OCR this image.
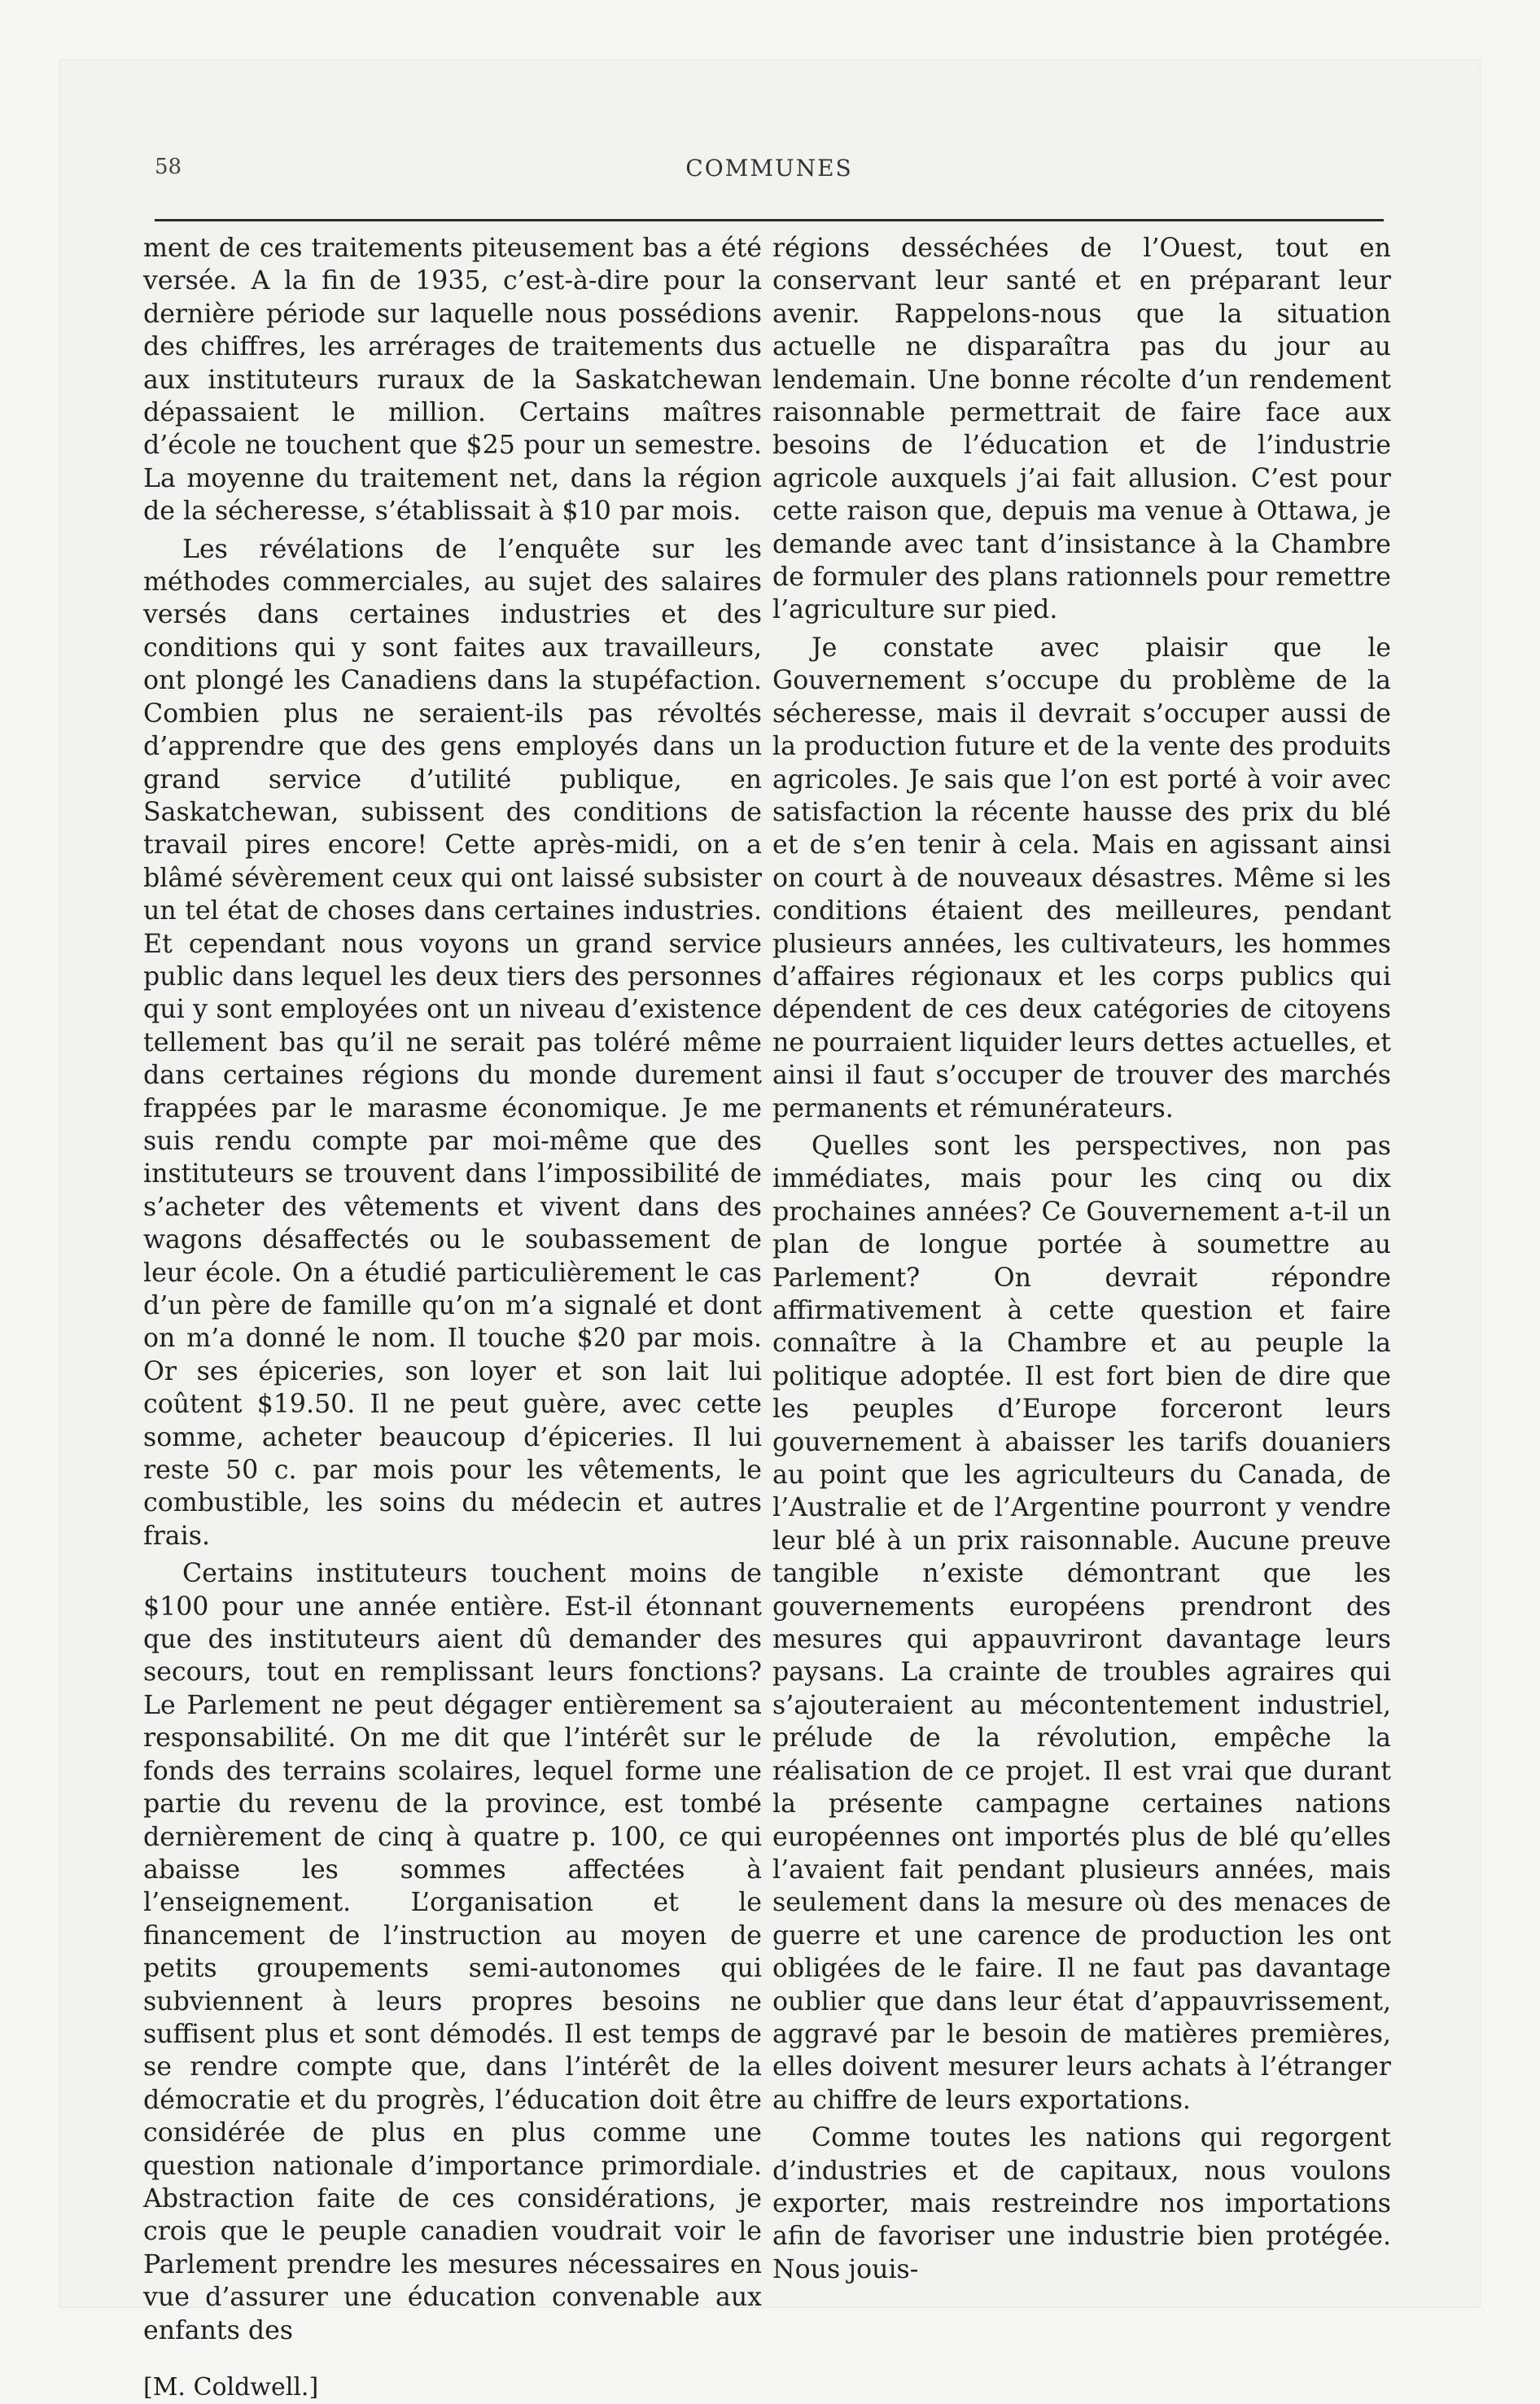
58	COMMUNES

ment de ces traitements piteusement bas a été versée. A la fin de 1935, c’est-à-dire pour la dernière période sur laquelle nous possédions des chiffres, les arrérages de traitements dus aux instituteurs ruraux de la Saskatchewan dépassaient le million. Certains maîtres d’école ne touchent que $25 pour un semestre. La moyenne du traitement net, dans la région de la sécheresse, s’établissait à $10 par mois.

Les révélations de l’enquête sur les méthodes commerciales, au sujet des salaires versés dans certaines industries et des conditions qui y sont faites aux travailleurs, ont plongé les Canadiens dans la stupéfaction. Combien plus ne seraient-ils pas révoltés d’apprendre que des gens employés dans un grand service d’utilité publique, en Saskatchewan, subissent des conditions de travail pires encore! Cette après-midi, on a blâmé sévèrement ceux qui ont laissé subsister un tel état de choses dans certaines industries. Et cependant nous voyons un grand service public dans lequel les deux tiers des personnes qui y sont employées ont un niveau d’existence tellement bas qu’il ne serait pas toléré même dans certaines régions du monde durement frappées par le marasme économique. Je me suis rendu compte par moi-même que des instituteurs se trouvent dans l’impossibilité de s’acheter des vêtements et vivent dans des wagons désaffectés ou le soubassement de leur école. On a étudié particulièrement le cas d’un père de famille qu’on m’a signalé et dont on m’a donné le nom. Il touche $20 par mois. Or ses épiceries, son loyer et son lait lui coûtent $19.50. Il ne peut guère, avec cette somme, acheter beaucoup d’épiceries. Il lui reste 50 c. par mois pour les vêtements, le combustible, les soins du médecin et autres frais.

Certains instituteurs touchent moins de $100 pour une année entière. Est-il étonnant que des instituteurs aient dû demander des secours, tout en remplissant leurs fonctions? Le Parlement ne peut dégager entièrement sa responsabilité. On me dit que l’intérêt sur le fonds des terrains scolaires, lequel forme une partie du revenu de la province, est tombé dernièrement de cinq à quatre p. 100, ce qui abaisse les sommes affectées à l’enseignement. L’organisation et le financement de l’instruction au moyen de petits groupements semi-autonomes qui subviennent à leurs propres besoins ne suffisent plus et sont démodés. Il est temps de se rendre compte que, dans l’intérêt de la démocratie et du progrès, l’éducation doit être considérée de plus en plus comme une question nationale d’importance primordiale. Abstraction faite de ces considérations, je crois que le peuple canadien voudrait voir le Parlement prendre les mesures nécessaires en vue d’assurer une éducation convenable aux enfants des

[M. Coldwell.]

régions desséchées de l’Ouest, tout en conservant leur santé et en préparant leur avenir. Rappelons-nous que la situation actuelle ne disparaîtra pas du jour au lendemain. Une bonne récolte d’un rendement raisonnable permettrait de faire face aux besoins de l’éducation et de l’industrie agricole auxquels j’ai fait allusion. C’est pour cette raison que, depuis ma venue à Ottawa, je demande avec tant d’insistance à la Chambre de formuler des plans rationnels pour remettre l’agriculture sur pied.

Je constate avec plaisir que le Gouvernement s’occupe du problème de la sécheresse, mais il devrait s’occuper aussi de la production future et de la vente des produits agricoles. Je sais que l’on est porté à voir avec satisfaction la récente hausse des prix du blé et de s’en tenir à cela. Mais en agissant ainsi on court à de nouveaux désastres. Même si les conditions étaient des meilleures, pendant plusieurs années, les cultivateurs, les hommes d’affaires régionaux et les corps publics qui dépendent de ces deux catégories de citoyens ne pourraient liquider leurs dettes actuelles, et ainsi il faut s’occuper de trouver des marchés permanents et rémunérateurs.

Quelles sont les perspectives, non pas immédiates, mais pour les cinq ou dix prochaines années? Ce Gouvernement a-t-il un plan de longue portée à soumettre au Parlement? On devrait répondre affirmativement à cette question et faire connaître à la Chambre et au peuple la politique adoptée. Il est fort bien de dire que les peuples d’Europe forceront leurs gouvernement à abaisser les tarifs douaniers au point que les agriculteurs du Canada, de l’Australie et de l’Argentine pourront y vendre leur blé à un prix raisonnable. Aucune preuve tangible n’existe démontrant que les gouvernements européens prendront des mesures qui appauvriront davantage leurs paysans. La crainte de troubles agraires qui s’ajouteraient au mécontentement industriel, prélude de la révolution, empêche la réalisation de ce projet. Il est vrai que durant la présente campagne certaines nations européennes ont importés plus de blé qu’elles l’avaient fait pendant plusieurs années, mais seulement dans la mesure où des menaces de guerre et une carence de production les ont obligées de le faire. Il ne faut pas davantage oublier que dans leur état d’appauvrissement, aggravé par le besoin de matières premières, elles doivent mesurer leurs achats à l’étranger au chiffre de leurs exportations.

Comme toutes les nations qui regorgent d’industries et de capitaux, nous voulons exporter, mais restreindre nos importations afin de favoriser une industrie bien protégée. Nous jouis-
